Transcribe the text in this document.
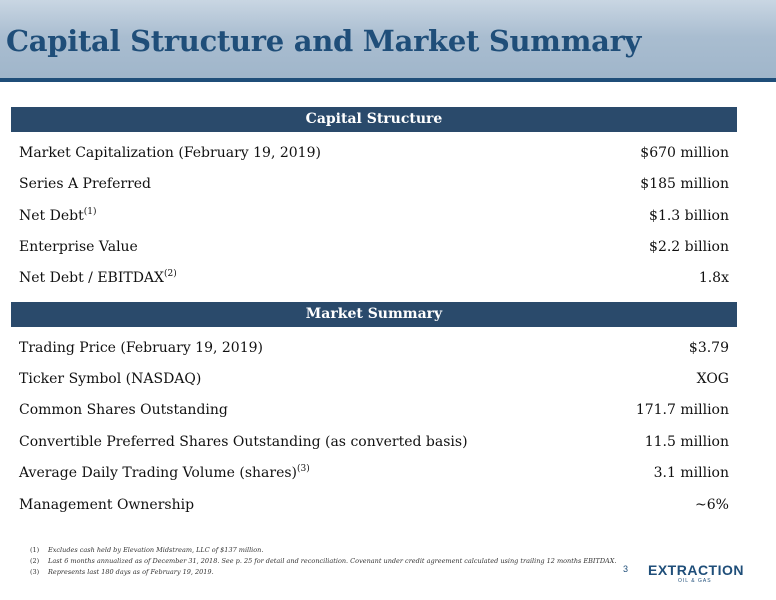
Capital Structure and Market Summary
Capital Structure
Market Capitalization (February 19, 2019)	$670 million
Series A Preferred	$185 million
Net Debt$^{(1)}$	$1.3 billion
Enterprise Value	$2.2 billion
Net Debt / EBITDAX$^{(2)}$	1.8x
Market Summary
Trading Price (February 19, 2019)	$3.79
Ticker Symbol (NASDAQ)	XOG
Common Shares Outstanding	171.7 million
Convertible Preferred Shares Outstanding (as converted basis)	11.5 million
Average Daily Trading Volume (shares)$^{(3)}$	3.1 million
Management Ownership	~6%
(1) Excludes cash held by Elevation Midstream, LLC of $137 million.
(2) Last 6 months annualized as of December 31, 2018. See p. 25 for detail and reconciliation. Covenant under credit agreement calculated using trailing 12 months EBITDAX.
(3) Represents last 180 days as of February 19, 2019.	3 EXTRACTION
OIL & GAS
